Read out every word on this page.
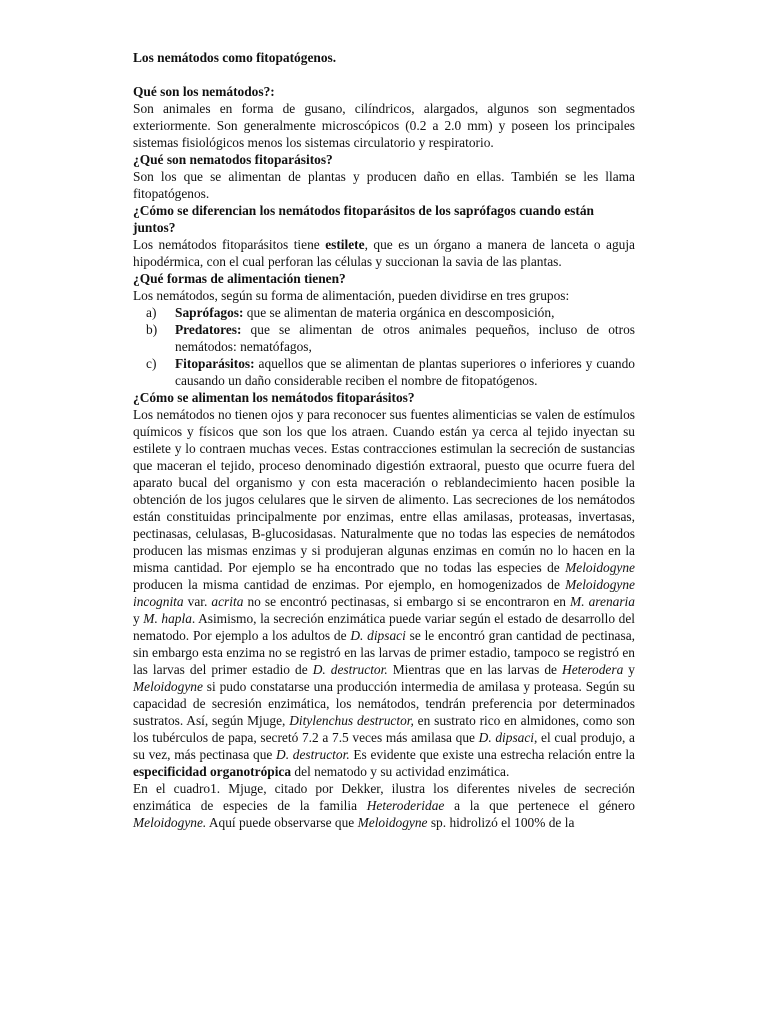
Los nemátodos como fitopatógenos.

Qué son los nemátodos?:

Son animales en forma de gusano, cilíndricos, alargados, algunos son segmentados exteriormente. Son generalmente microscópicos (0.2 a 2.0 mm) y poseen los principales sistemas fisiológicos menos los sistemas circulatorio y respiratorio.

¿Qué son nematodos fitoparásitos?

Son los que se alimentan de plantas y producen daño en ellas. También se les llama fitopatógenos.

¿Cómo se diferencian los nemátodos fitoparásitos de los saprófagos cuando están juntos?

Los nemátodos fitoparásitos tiene estilete, que es un órgano a manera de lanceta o aguja hipodérmica, con el cual perforan las células y succionan la savia de las plantas.

¿Qué formas de alimentación tienen?

Los nemátodos, según su forma de alimentación, pueden dividirse en tres grupos:

a) Saprófagos: que se alimentan de materia orgánica en descomposición,
b) Predatores: que se alimentan de otros animales pequeños, incluso de otros nemátodos: nematófagos,
c) Fitoparásitos: aquellos que se alimentan de plantas superiores o inferiores y cuando causando un daño considerable reciben el nombre de fitopatógenos.

¿Cómo se alimentan los nemátodos fitoparásitos?

Los nemátodos no tienen ojos y para reconocer sus fuentes alimenticias se valen de estímulos químicos y físicos que son los que los atraen. Cuando están ya cerca al tejido inyectan su estilete y lo contraen muchas veces. Estas contracciones estimulan la secreción de sustancias que maceran el tejido, proceso denominado digestión extraoral, puesto que ocurre fuera del aparato bucal del organismo y con esta maceración o reblandecimiento hacen posible la obtención de los jugos celulares que le sirven de alimento. Las secreciones de los nemátodos están constituidas principalmente por enzimas, entre ellas amilasas, proteasas, invertasas, pectinasas, celulasas, B-glucosidasas. Naturalmente que no todas las especies de nemátodos producen las mismas enzimas y si produjeran algunas enzimas en común no lo hacen en la misma cantidad. Por ejemplo se ha encontrado que no todas las especies de Meloidogyne producen la misma cantidad de enzimas. Por ejemplo, en homogenizados de Meloidogyne incognita var. acrita no se encontró pectinasas, si embargo si se encontraron en M. arenaria y M. hapla. Asimismo, la secreción enzimática puede variar según el estado de desarrollo del nematodo. Por ejemplo a los adultos de D. dipsaci se le encontró gran cantidad de pectinasa, sin embargo esta enzima no se registró en las larvas de primer estadio, tampoco se registró en las larvas del primer estadio de D. destructor. Mientras que en las larvas de Heterodera y Meloidogyne si pudo constatarse una producción intermedia de amilasa y proteasa. Según su capacidad de secresión enzimática, los nemátodos, tendrán preferencia por determinados sustratos. Así, según Mjuge, Ditylenchus destructor, en sustrato rico en almidones, como son los tubérculos de papa, secretó 7.2 a 7.5 veces más amilasa que D. dipsaci, el cual produjo, a su vez, más pectinasa que D. destructor. Es evidente que existe una estrecha relación entre la especificidad organotrópica del nematodo y su actividad enzimática.

En el cuadro1. Mjuge, citado por Dekker, ilustra los diferentes niveles de secreción enzimática de especies de la familia Heteroderidae a la que pertenece el género Meloidogyne. Aquí puede observarse que Meloidogyne sp. hidrolizó el 100% de la
